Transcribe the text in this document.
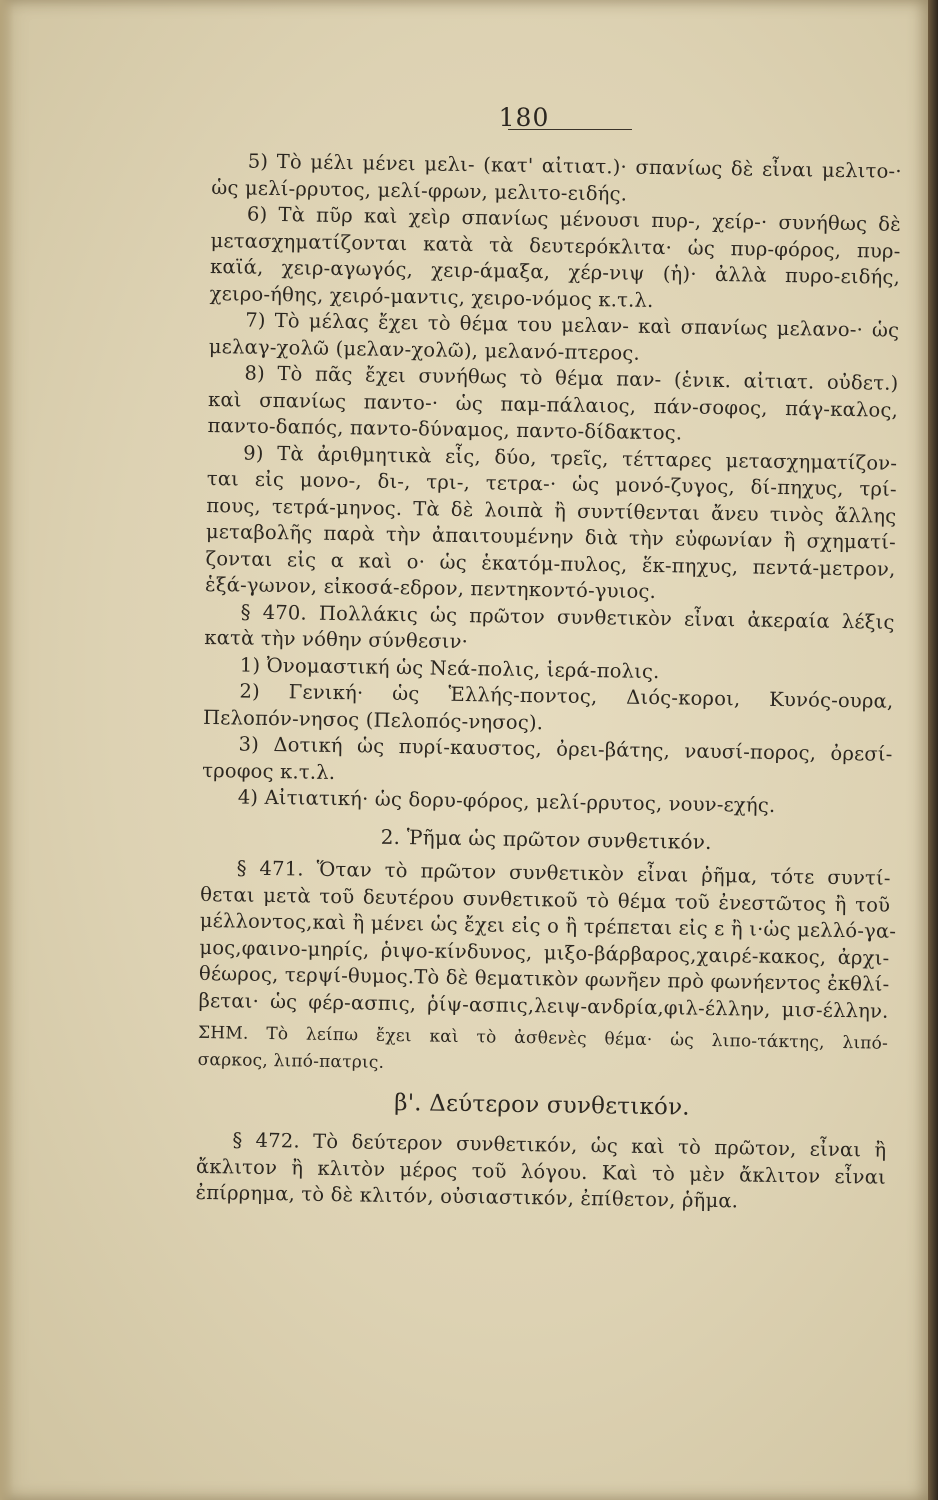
180
5) Τὸ μέλι μένει μελι- (κατ' αἰτιατ.)· σπανίως δὲ εἶναι μελιτο-·
ὡς μελί-ρρυτος, μελί-φρων, μελιτο-ειδής.
6) Τὰ πῦρ καὶ χεὶρ σπανίως μένουσι πυρ-, χείρ-· συνήθως δὲ
μετασχηματίζονται κατὰ τὰ δευτερόκλιτα· ὡς πυρ-φόρος, πυρ-
καϊά, χειρ-αγωγός, χειρ-άμαξα, χέρ-νιψ (ἡ)· ἀλλὰ πυρο-ειδής,
χειρο-ήθης, χειρό-μαντις, χειρο-νόμος κ.τ.λ.
7) Τὸ μέλας ἔχει τὸ θέμα του μελαν- καὶ σπανίως μελανο-· ὡς
μελαγ-χολῶ (μελαν-χολῶ), μελανό-πτερος.
8) Τὸ πᾶς ἔχει συνήθως τὸ θέμα παν- (ἑνικ. αἰτιατ. οὐδετ.)
καὶ σπανίως παντο-· ὡς παμ-πάλαιος, πάν-σοφος, πάγ-καλος,
παντο-δαπός, παντο-δύναμος, παντο-δίδακτος.
9) Τὰ ἀριθμητικὰ εἷς, δύο, τρεῖς, τέτταρες μετασχηματίζον-
ται εἰς μονο-, δι-, τρι-, τετρα-· ὡς μονό-ζυγος, δί-πηχυς, τρί-
πους, τετρά-μηνος. Τὰ δὲ λοιπὰ ἢ συντίθενται ἄνευ τινὸς ἄλλης
μεταβολῆς παρὰ τὴν ἀπαιτουμένην διὰ τὴν εὐφωνίαν ἢ σχηματί-
ζονται εἰς α καὶ ο· ὡς ἑκατόμ-πυλος, ἕκ-πηχυς, πεντά-μετρον,
ἑξά-γωνον, εἰκοσά-εδρον, πεντηκοντό-γυιος.
§ 470. Πολλάκις ὡς πρῶτον συνθετικὸν εἶναι ἀκεραία λέξις
κατὰ τὴν νόθην σύνθεσιν·
1) Ὀνομαστική ὡς Νεά-πολις, ἱερά-πολις.
2) Γενική· ὡς Ἑλλής-ποντος, Διός-κοροι, Κυνός-ουρα,
Πελοπόν-νησος (Πελοπός-νησος).
3) Δοτική ὡς πυρί-καυστος, ὀρει-βάτης, ναυσί-πορος, ὀρεσί-
τροφος κ.τ.λ.
4) Αἰτιατική· ὡς δορυ-φόρος, μελί-ρρυτος, νουν-εχής.
2. Ῥῆμα ὡς πρῶτον συνθετικόν.
§ 471. Ὅταν τὸ πρῶτον συνθετικὸν εἶναι ῥῆμα, τότε συντί-
θεται μετὰ τοῦ δευτέρου συνθετικοῦ τὸ θέμα τοῦ ἐνεστῶτος ἢ τοῦ
μέλλοντος,καὶ ἢ μένει ὡς ἔχει εἰς ο ἢ τρέπεται εἰς ε ἢ ι·ὡς μελλό-γα-
μος,φαινο-μηρίς, ῥιψο-κίνδυνος, μιξο-βάρβαρος,χαιρέ-κακος, ἀρχι-
θέωρος, τερψί-θυμος.Τὸ δὲ θεματικὸν φωνῆεν πρὸ φωνήεντος ἐκθλί-
βεται· ὡς φέρ-ασπις, ῥίψ-ασπις,λειψ-ανδρία,φιλ-έλλην, μισ-έλλην.
ΣΗΜ. Τὸ λείπω ἔχει καὶ τὸ ἀσθενὲς θέμα· ὡς λιπο-τάκτης, λιπό-
σαρκος, λιπό-πατρις.
β'. Δεύτερον συνθετικόν.
§ 472. Τὸ δεύτερον συνθετικόν, ὡς καὶ τὸ πρῶτον, εἶναι ἢ
ἄκλιτον ἢ κλιτὸν μέρος τοῦ λόγου. Καὶ τὸ μὲν ἄκλιτον εἶναι
ἐπίρρημα, τὸ δὲ κλιτόν, οὐσιαστικόν, ἐπίθετον, ῥῆμα.
